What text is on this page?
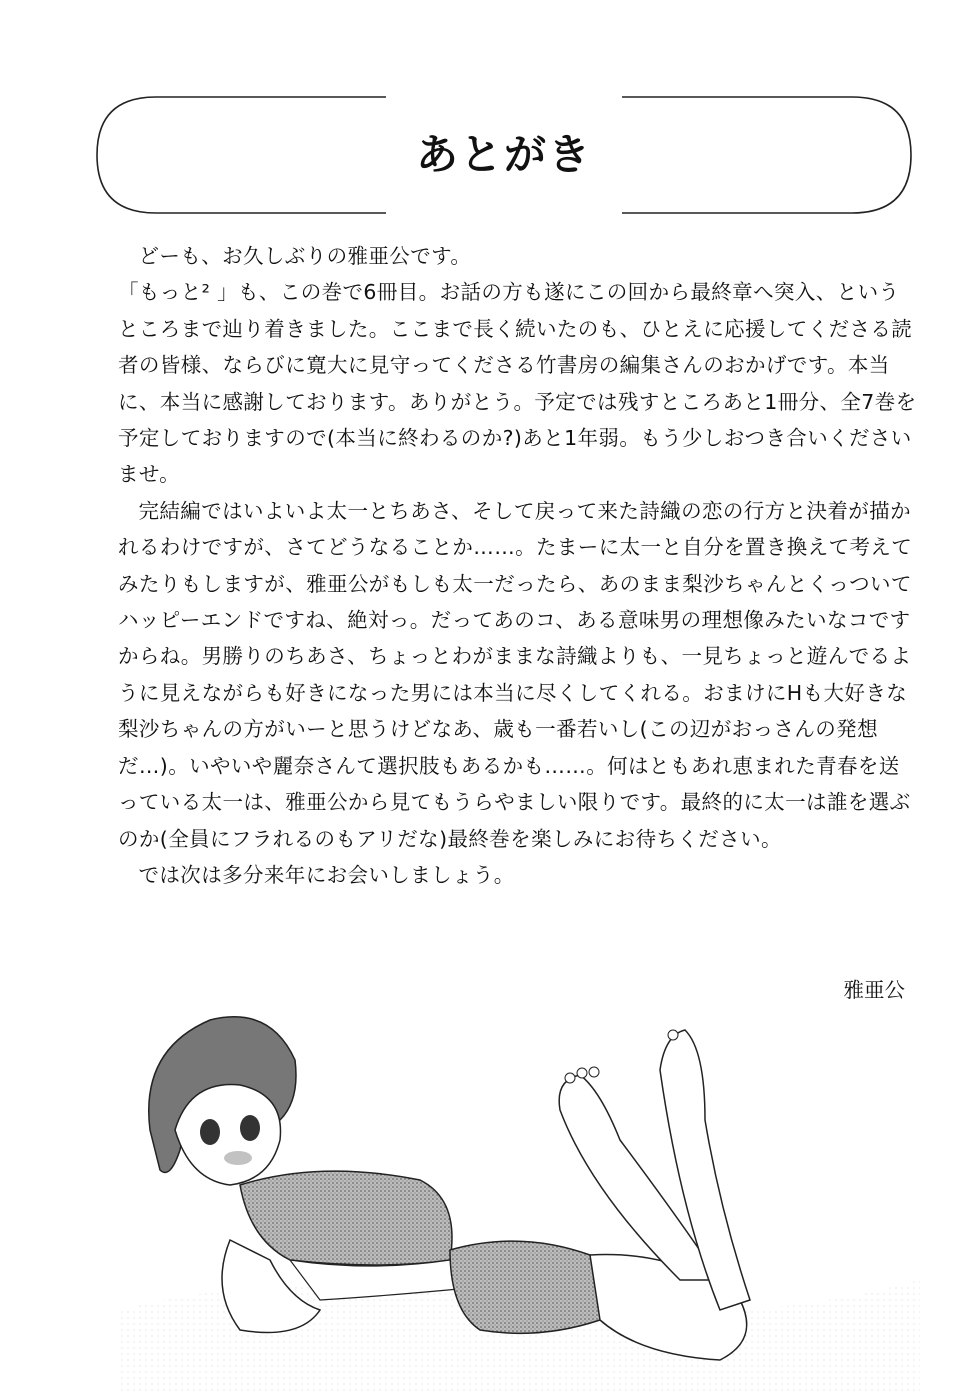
あとがき

どーも、お久しぶりの雅亜公です。

「もっと² 」も、この巻で6冊目。お話の方も遂にこの回から最終章へ突入、というところまで辿り着きました。ここまで長く続いたのも、ひとえに応援してくださる読者の皆様、ならびに寛大に見守ってくださる竹書房の編集さんのおかげです。本当に、本当に感謝しております。ありがとう。予定では残すところあと1冊分、全7巻を予定しておりますので(本当に終わるのか?)あと1年弱。もう少しおつき合いくださいませ。

完結編ではいよいよ太一とちあさ、そして戻って来た詩織の恋の行方と決着が描かれるわけですが、さてどうなることか……。たまーに太一と自分を置き換えて考えてみたりもしますが、雅亜公がもしも太一だったら、あのまま梨沙ちゃんとくっついてハッピーエンドですね、絶対っ。だってあのコ、ある意味男の理想像みたいなコですからね。男勝りのちあさ、ちょっとわがままな詩織よりも、一見ちょっと遊んでるように見えながらも好きになった男には本当に尽くしてくれる。おまけにHも大好きな梨沙ちゃんの方がいーと思うけどなあ、歳も一番若いし(この辺がおっさんの発想だ…)。いやいや麗奈さんて選択肢もあるかも……。何はともあれ恵まれた青春を送っている太一は、雅亜公から見てもうらやましい限りです。最終的に太一は誰を選ぶのか(全員にフラれるのもアリだな)最終巻を楽しみにお待ちください。

では次は多分来年にお会いしましょう。

雅亜公
